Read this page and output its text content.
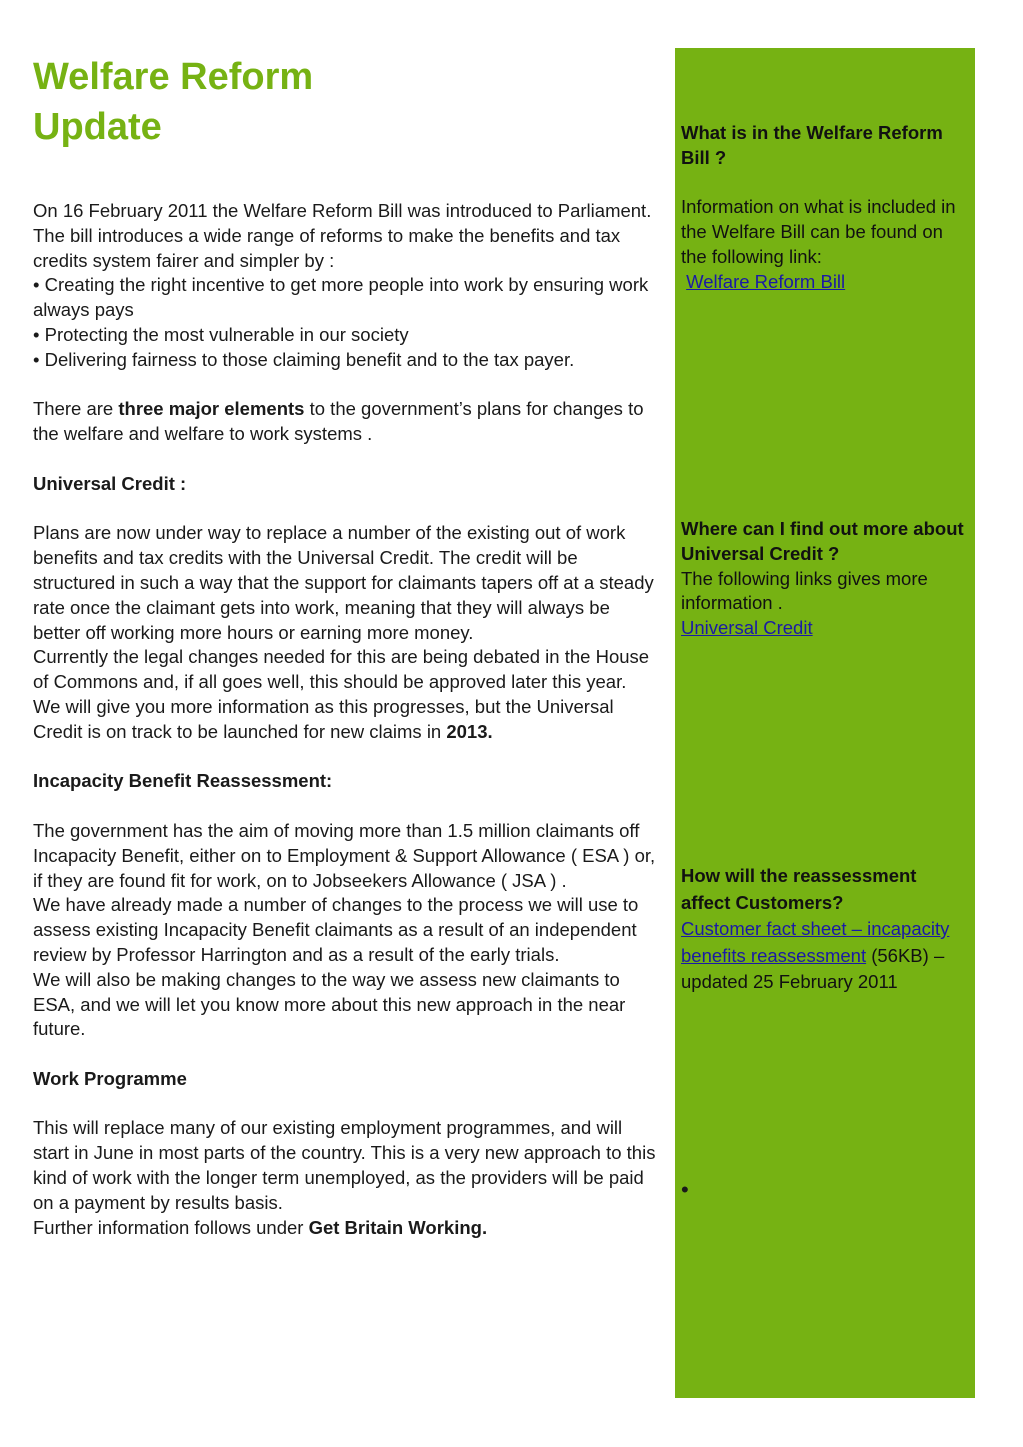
Welfare Reform
Update

On 16 February 2011 the Welfare Reform Bill was introduced to Parliament. The bill introduces a wide range of reforms to make the benefits and tax credits system fairer and simpler by :

• Creating the right incentive to get more people into work by ensuring work always pays

• Protecting the most vulnerable in our society

• Delivering fairness to those claiming benefit and to the tax payer.

There are three major elements to the government’s plans for changes to the welfare and welfare to work systems .

Universal Credit :

Plans are now under way to replace a number of the existing out of work benefits and tax credits with the Universal Credit. The credit will be structured in such a way that the support for claimants tapers off at a steady rate once the claimant gets into work, meaning that they will always be better off working more hours or earning more money.

Currently the legal changes needed for this are being debated in the House of Commons and, if all goes well, this should be approved later this year. We will give you more information as this progresses, but the Universal Credit is on track to be launched for new claims in 2013.

Incapacity Benefit Reassessment:

The government has the aim of moving more than 1.5 million claimants off Incapacity Benefit, either on to Employment & Support Allowance ( ESA ) or, if they are found fit for work, on to Jobseekers Allowance ( JSA ) .

We have already made a number of changes to the process we will use to assess existing Incapacity Benefit claimants as a result of an independent review by Professor Harrington and as a result of the early trials.

We will also be making changes to the way we assess new claimants to ESA, and we will let you know more about this new approach in the near future.

Work Programme

This will replace many of our existing employment programmes, and will start in June in most parts of the country. This is a very new approach to this kind of work with the longer term unemployed, as the providers will be paid on a payment by results basis.

Further information follows under Get Britain Working.

What is in the Welfare Reform Bill ?

Information on what is included in the Welfare Bill can be found on the following link:

Welfare Reform Bill

Where can I find out more about Universal Credit ?

The following links gives more information .

Universal Credit

How will the reassessment affect Customers?

Customer fact sheet – incapacity benefits reassessment (56KB) – updated 25 February 2011

•
